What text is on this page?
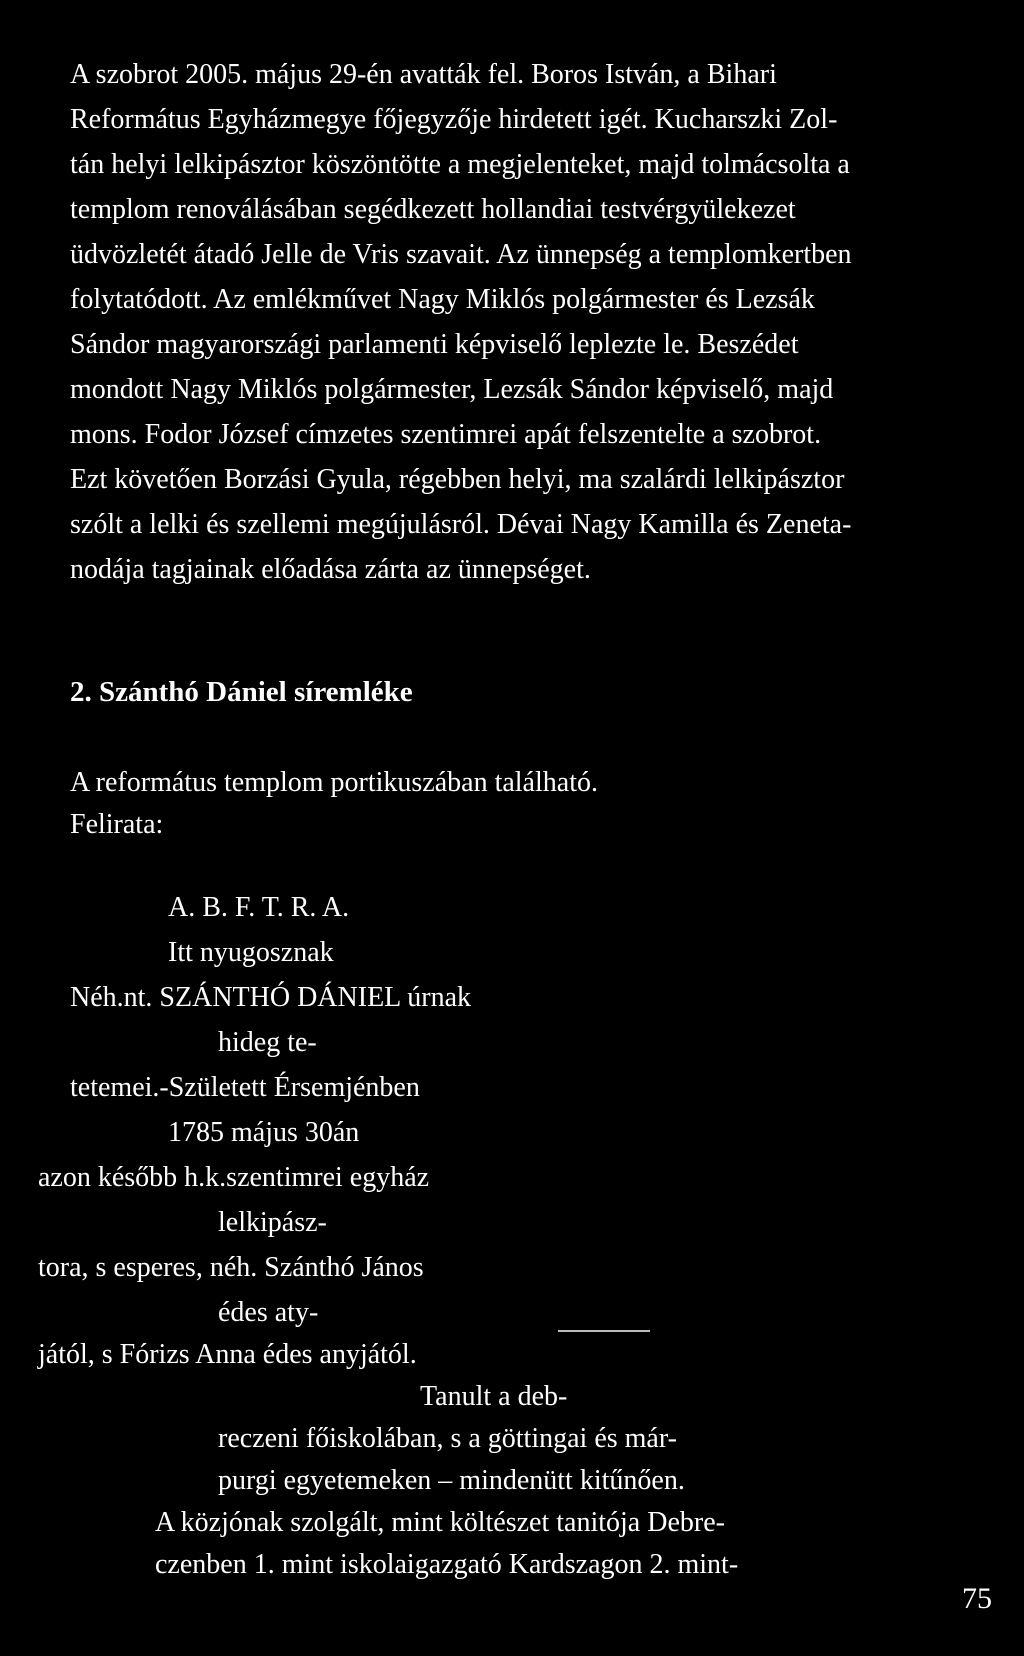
A szobrot 2005. május 29-én avatták fel. Boros István, a Bihari
Református Egyházmegye főjegyzője hirdetett igét. Kucharszki Zol-
tán helyi lelkipásztor köszöntötte a megjelenteket, majd tolmácsolta a
templom renoválásában segédkezett hollandiai testvérgyülekezet
üdvözletét átadó Jelle de Vris szavait. Az ünnepség a templomkertben
folytatódott. Az emlékművet Nagy Miklós polgármester és Lezsák
Sándor magyarországi parlamenti képviselő leplezte le. Beszédet
mondott Nagy Miklós polgármester, Lezsák Sándor képviselő, majd
mons. Fodor József címzetes szentimrei apát felszentelte a szobrot.
Ezt követően Borzási Gyula, régebben helyi, ma szalárdi lelkipásztor
szólt a lelki és szellemi megújulásról. Dévai Nagy Kamilla és Zeneta-
nodája tagjainak előadása zárta az ünnepséget.
2. Szánthó Dániel síremléke
A református templom portikuszában található.
Felirata:
A. B. F. T. R. A.
Itt nyugosznak
Néh.nt. SZÁNTHÓ DÁNIEL úrnak
hideg te-
tetemei.-Született Érsemjénben
1785 május 30án
azon később h.k.szentimrei egyház
lelkipász-
tora, s esperes, néh. Szánthó János
édes aty-
jától, s Fórizs Anna édes anyjától.
Tanult a deb-
reczeni főiskolában, s a göttingai és már-
purgi egyetemeken – mindenütt kitűnően.
A közjónak szolgált, mint költészet tanitója Debre-
czenben 1. mint iskolaigazgató Kardszagon 2. mint-
75
